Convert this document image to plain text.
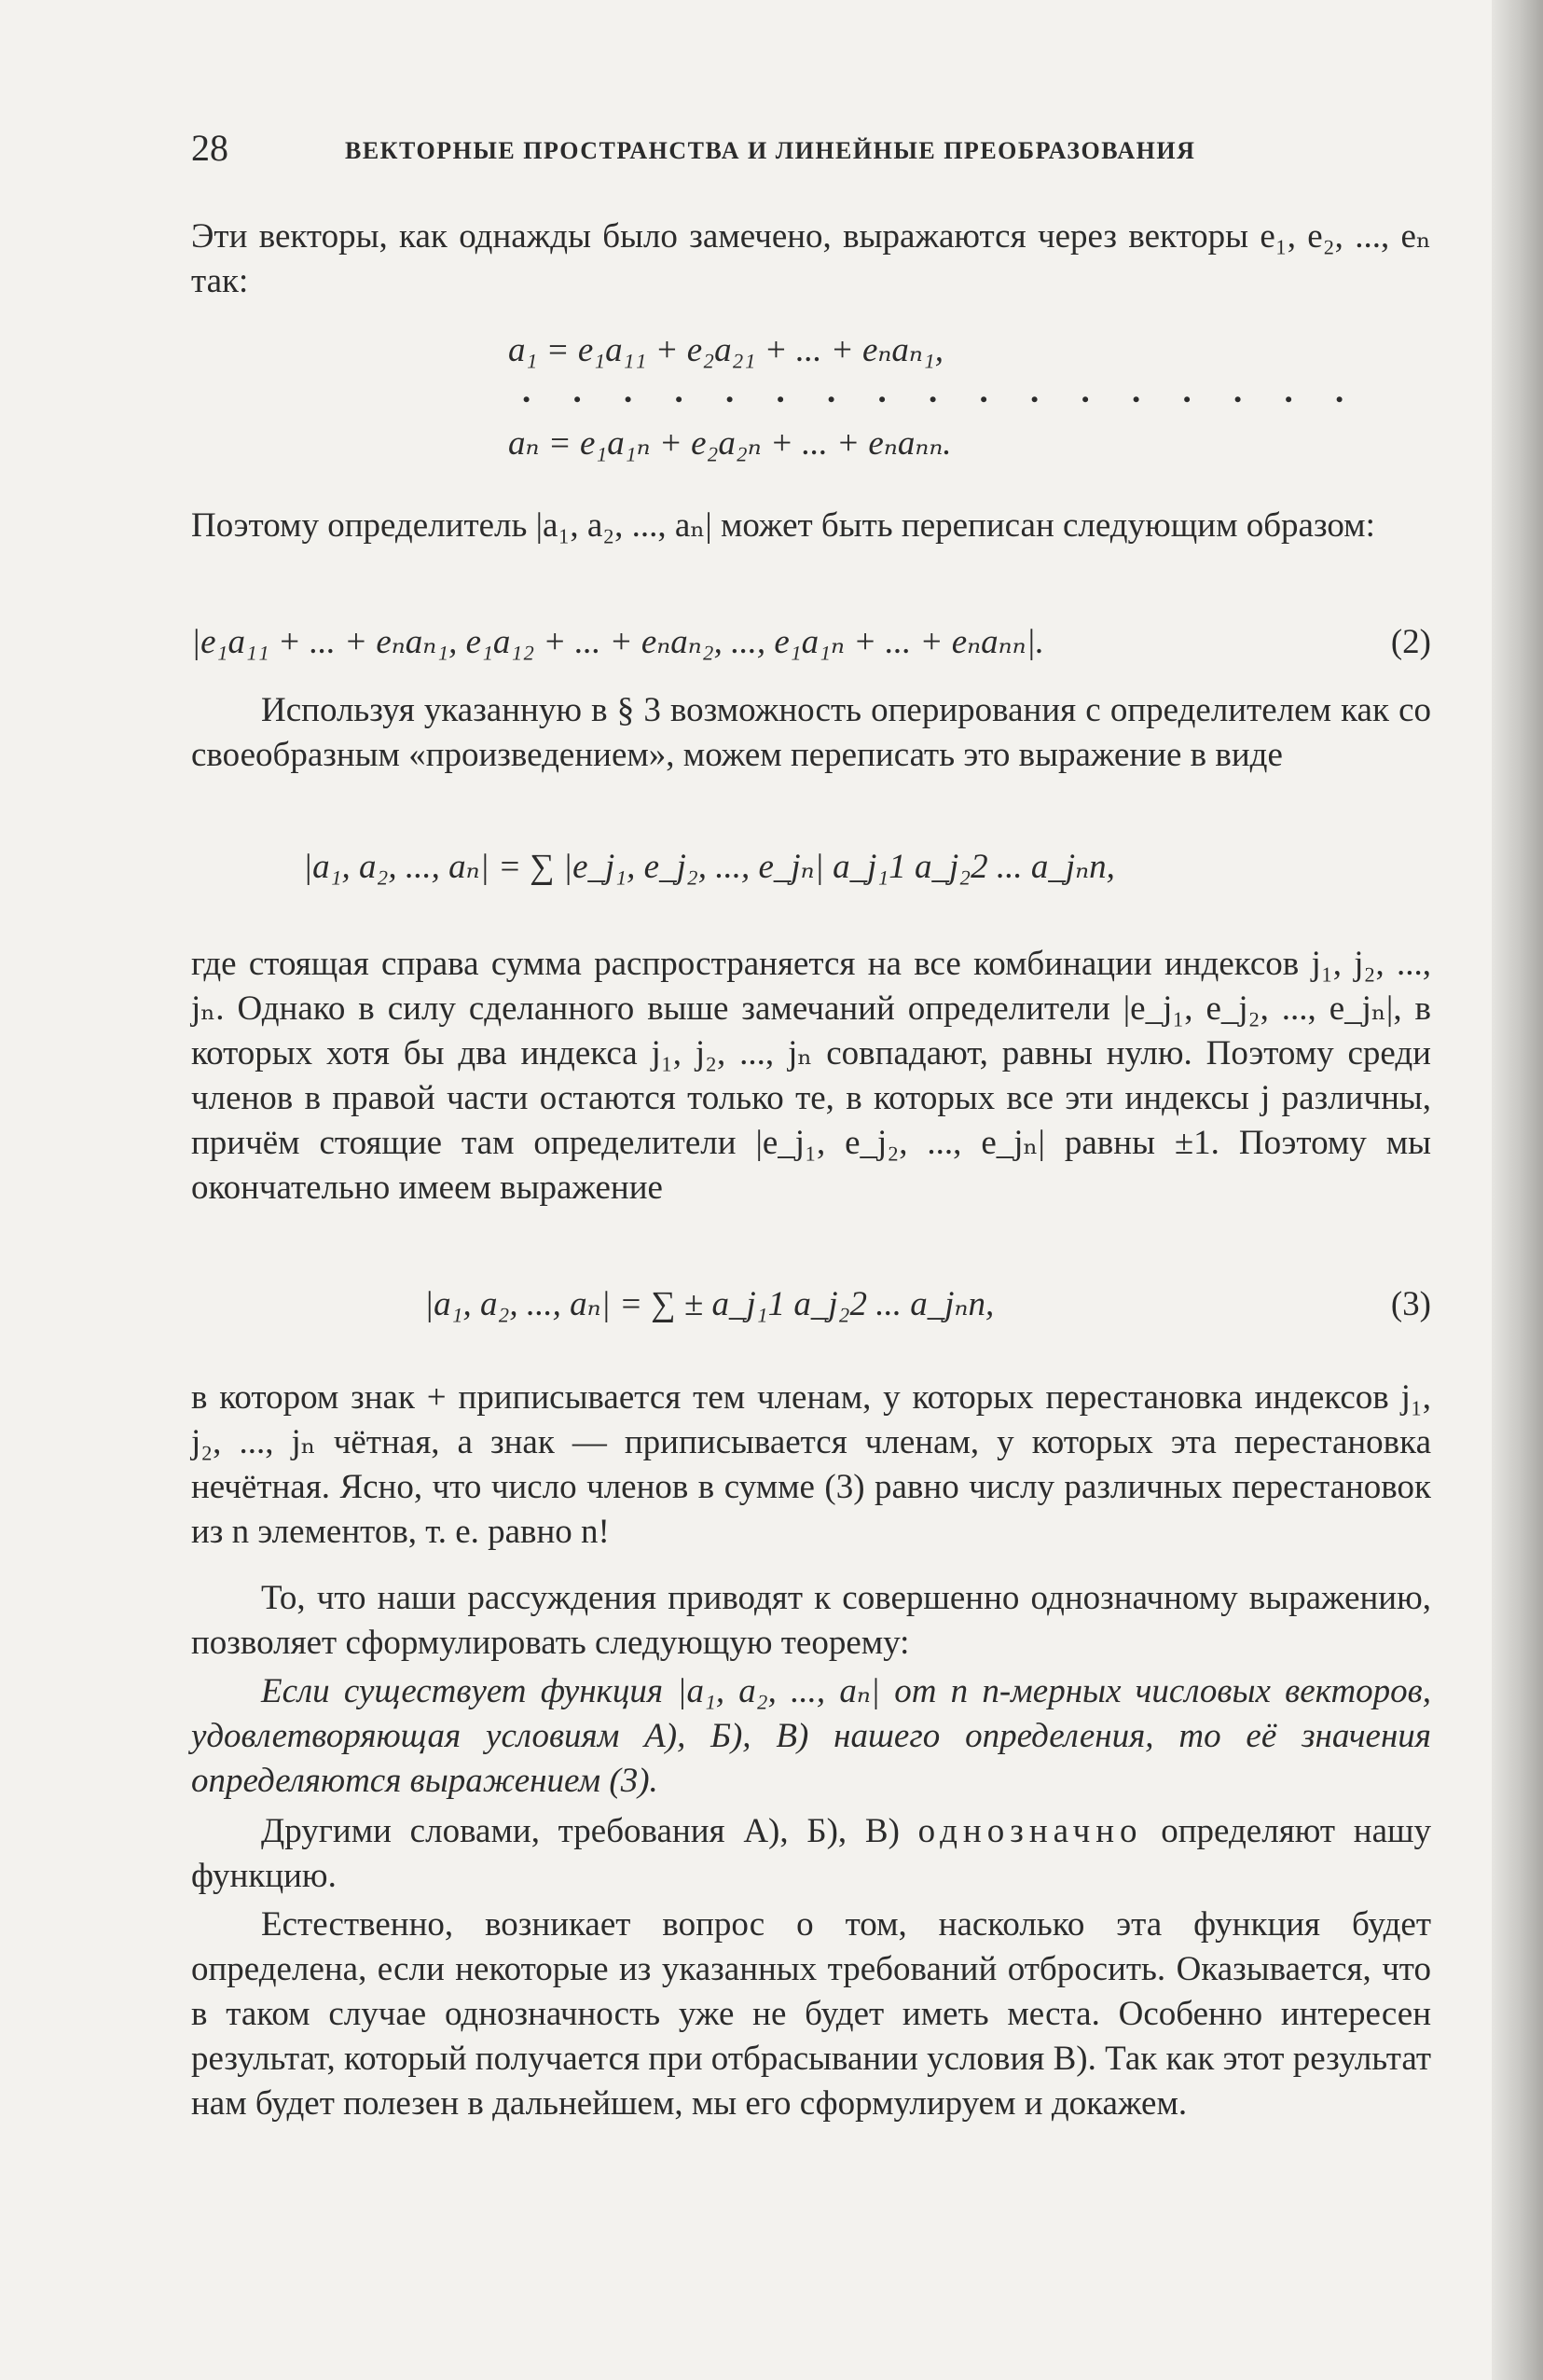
28	ВЕКТОРНЫЕ ПРОСТРАНСТВА И ЛИНЕЙНЫЕ ПРЕОБРАЗОВАНИЯ

Эти векторы, как однажды было замечено, выражаются через векторы e₁, e₂, ..., eₙ так:

a₁ = e₁a₁₁ + e₂a₂₁ + ... + eₙaₙ₁,
. . . . . . . . . . . . . . . . .
aₙ = e₁a₁ₙ + e₂a₂ₙ + ... + eₙaₙₙ.

Поэтому определитель |a₁, a₂, ..., aₙ| может быть переписан следующим образом:

|e₁a₁₁ + ... + eₙaₙ₁, e₁a₁₂ + ... + eₙaₙ₂, ..., e₁a₁ₙ + ... + eₙaₙₙ|.	(2)

Используя указанную в § 3 возможность оперирования с определителем как со своеобразным «произведением», можем переписать это выражение в виде

|a₁, a₂, ..., aₙ| = ∑ |e_j₁, e_j₂, ..., e_jₙ| a_j₁1 a_j₂2 ... a_jₙn,

где стоящая справа сумма распространяется на все комбинации индексов j₁, j₂, ..., jₙ. Однако в силу сделанного выше замечаний определители |e_j₁, e_j₂, ..., e_jₙ|, в которых хотя бы два индекса j₁, j₂, ..., jₙ совпадают, равны нулю. Поэтому среди членов в правой части остаются только те, в которых все эти индексы j различны, причём стоящие там определители |e_j₁, e_j₂, ..., e_jₙ| равны ±1. Поэтому мы окончательно имеем выражение

|a₁, a₂, ..., aₙ| = ∑ ± a_j₁1 a_j₂2 ... a_jₙn,	(3)

в котором знак + приписывается тем членам, у которых перестановка индексов j₁, j₂, ..., jₙ чётная, а знак — приписывается членам, у которых эта перестановка нечётная. Ясно, что число членов в сумме (3) равно числу различных перестановок из n элементов, т. е. равно n!

То, что наши рассуждения приводят к совершенно однозначному выражению, позволяет сформулировать следующую теорему:

Если существует функция |a₁, a₂, ..., aₙ| от n n-мерных числовых векторов, удовлетворяющая условиям А), Б), В) нашего определения, то её значения определяются выражением (3).

Другими словами, требования А), Б), В) однозначно определяют нашу функцию.

Естественно, возникает вопрос о том, насколько эта функция будет определена, если некоторые из указанных требований отбросить. Оказывается, что в таком случае однозначность уже не будет иметь места. Особенно интересен результат, который получается при отбрасывании условия В). Так как этот результат нам будет полезен в дальнейшем, мы его сформулируем и докажем.
